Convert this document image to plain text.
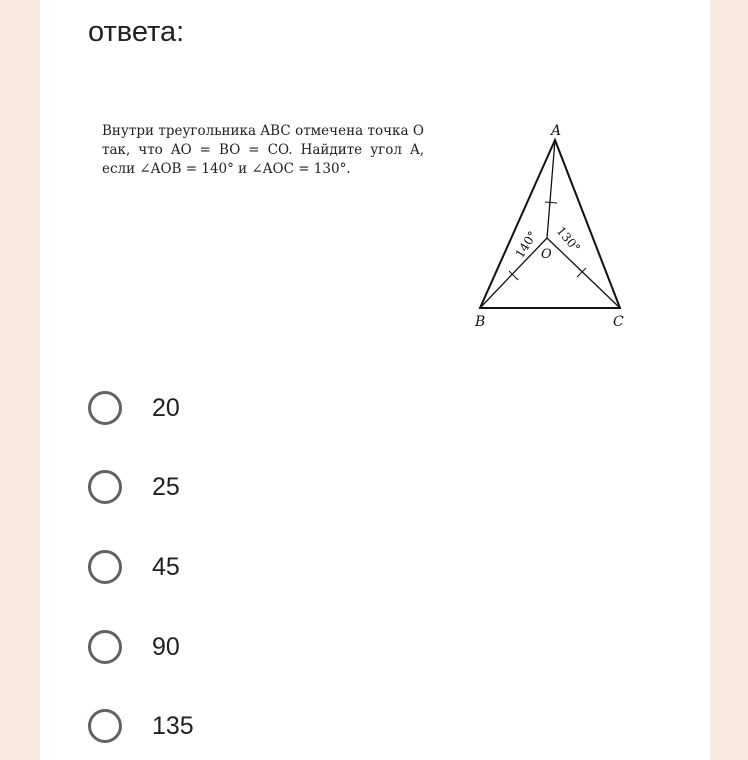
ответа:
Внутри треугольника ABC отмечена точка O так, что AO = BO = CO. Найдите угол A, если ∠AOB = 140° и ∠AOC = 130°.
A
B	C
O
140° 130°
20
25
45
90
135
